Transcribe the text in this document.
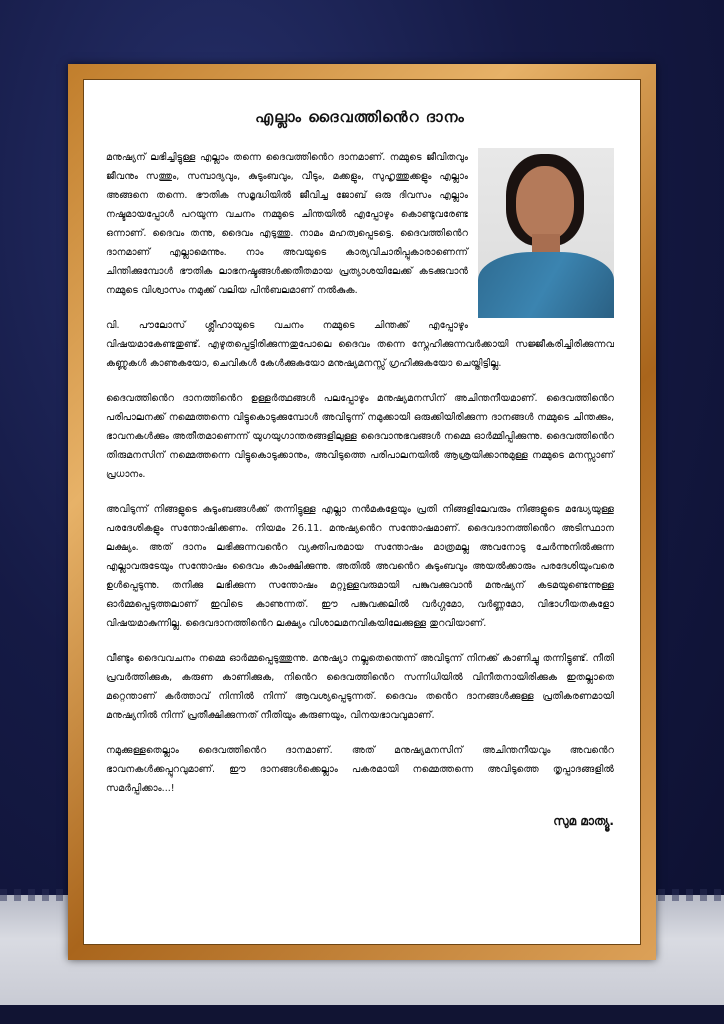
എല്ലാം ദൈവത്തിൻെറ ദാനം

മനുഷ്യന് ലഭിച്ചിട്ടുള്ള എല്ലാം തന്നെ ദൈവത്തിൻെറ ദാനമാണ്. നമ്മുടെ ജീവിതവും ജീവനും സത്തും, സമ്പാദ്യവും, കുടുംബവും, വീടും, മക്കളും, സുഹൃത്തുക്കളും എല്ലാം അങ്ങനെ തന്നെ. ഭൗതിക സമൃദ്ധിയിൽ ജീവിച്ച ജോബ് ഒരു ദിവസം എല്ലാം നഷ്ടമായപ്പോൾ പറയുന്ന വചനം നമ്മുടെ ചിന്തയിൽ എപ്പോഴും കൊണ്ടുവരേണ്ട ഒന്നാണ്. ദൈവം തന്നു, ദൈവം എടുത്തു. നാമം മഹത്വപ്പെടട്ടെ. ദൈവത്തിൻെറ ദാനമാണ് എല്ലാമെന്നും. നാം അവയുടെ കാര്യവിചാരിപ്പുകാരാണെന്ന് ചിന്തിക്കുമ്പോൾ ഭൗതിക ലാഭനഷ്ടങ്ങൾക്കതീതമായ പ്രത്യാശയിലേക്ക് കടക്കുവാൻ നമ്മുടെ വിശ്വാസം നമുക്ക് വലിയ പിൻബലമാണ് നൽകുക.

വി. പൗലോസ് ശ്ലീഹായുടെ വചനം നമ്മുടെ ചിന്തക്ക് എപ്പോഴും വിഷയമാകേണ്ടതുണ്ട്. എഴുതപ്പെട്ടിരിക്കുന്നതുപോലെ ദൈവം തന്നെ സ്നേഹിക്കുന്നവർക്കായി സജ്ജീകരിച്ചിരിക്കുന്നവ കണ്ണുകൾ കാണുകയോ, ചെവികൾ കേൾക്കുകയോ മനുഷ്യമനസ്സ് ഗ്രഹിക്കുകയോ ചെയ്തിട്ടില്ല.

ദൈവത്തിൻെറ ദാനത്തിൻെറ ഉള്ളർത്ഥങ്ങൾ പലപ്പോഴും മനുഷ്യമനസിന് അചിന്തനീയമാണ്. ദൈവത്തിൻെറ പരിപാലനക്ക് നമ്മെത്തന്നെ വിട്ടുകൊടുക്കുമ്പോൾ അവിടുന്ന് നമുക്കായി ഒരുക്കിയിരിക്കുന്ന ദാനങ്ങൾ നമ്മുടെ ചിന്തക്കും, ഭാവനകൾക്കും അതീതമാണെന്ന് യുഗയുഗാന്തരങ്ങളിലുള്ള ദൈവാനുഭവങ്ങൾ നമ്മെ ഓർമ്മിപ്പിക്കുന്നു. ദൈവത്തിൻെറ തിരുമനസിന് നമ്മെത്തന്നെ വിട്ടുകൊടുക്കാനും, അവിടുത്തെ പരിപാലനയിൽ ആശ്രയിക്കാനുമുള്ള നമ്മുടെ മനസ്സാണ് പ്രധാനം.

അവിടുന്ന് നിങ്ങളുടെ കുടുംബങ്ങൾക്ക് തന്നിട്ടുള്ള എല്ലാ നൻമകളേയും പ്രതി നിങ്ങളിലേവരും നിങ്ങളുടെ മദ്ധ്യേയുള്ള പരദേശികളും സന്തോഷിക്കണം. നിയമം 26.11. മനുഷ്യൻെറ സന്തോഷമാണ്. ദൈവദാനത്തിൻെറ അടിസ്ഥാന ലക്ഷ്യം. അത് ദാനം ലഭിക്കുന്നവൻെറ വ്യക്തിപരമായ സന്തോഷം മാത്രമല്ല അവനോടു ചേർന്നുനിൽക്കുന്ന എല്ലാവരുടേയും സന്തോഷം ദൈവം കാംക്ഷിക്കുന്നു. അതിൽ അവൻെറ കുടുംബവും അയൽക്കാരും പരദേശിയുംവരെ ഉൾപ്പെടുന്നു. തനിക്കു ലഭിക്കുന്ന സന്തോഷം മറ്റുള്ളവരുമായി പങ്കുവക്കുവാൻ മനുഷ്യന് കടമയുണ്ടെന്നുള്ള ഓർമ്മപ്പെടുത്തലാണ് ഇവിടെ കാണുന്നത്. ഈ പങ്കുവക്കലിൽ വർഗ്ഗമോ, വർണ്ണമോ, വിഭാഗീയതകളോ വിഷയമാകുന്നില്ല. ദൈവദാനത്തിൻെറ ലക്ഷ്യം വിശാലമനവികയിലേക്കുള്ള തുറവിയാണ്.

വീണ്ടും ദൈവവചനം നമ്മെ ഓർമ്മപ്പെടുത്തുന്നു. മനുഷ്യാ നല്ലതെന്തെന്ന് അവിടുന്ന് നിനക്ക് കാണിച്ചു തന്നിട്ടുണ്ട്. നീതി പ്രവർത്തിക്കുക, കരുണ കാണിക്കുക, നിൻെറ ദൈവത്തിൻെറ സന്നിധിയിൽ വിനീതനായിരിക്കുക ഇതല്ലാതെ മറ്റെന്താണ് കർത്താവ് നിന്നിൽ നിന്ന് ആവശ്യപ്പെടുന്നത്. ദൈവം തൻെറ ദാനങ്ങൾക്കുള്ള പ്രതികരണമായി മനുഷ്യനിൽ നിന്ന് പ്രതീക്ഷിക്കുന്നത് നീതിയും കരുണയും, വിനയഭാവവുമാണ്.

നമുക്കുള്ളതെല്ലാം ദൈവത്തിൻെറ ദാനമാണ്. അത് മനുഷ്യമനസിന് അചിന്തനീയവും അവൻെറ ഭാവനകൾക്കപ്പുറവുമാണ്. ഈ ദാനങ്ങൾക്കെല്ലാം പകരമായി നമ്മെത്തന്നെ അവിടുത്തെ തൃപ്പാദങ്ങളിൽ സമർപ്പിക്കാം...!

സുമ മാത്യൂ.
